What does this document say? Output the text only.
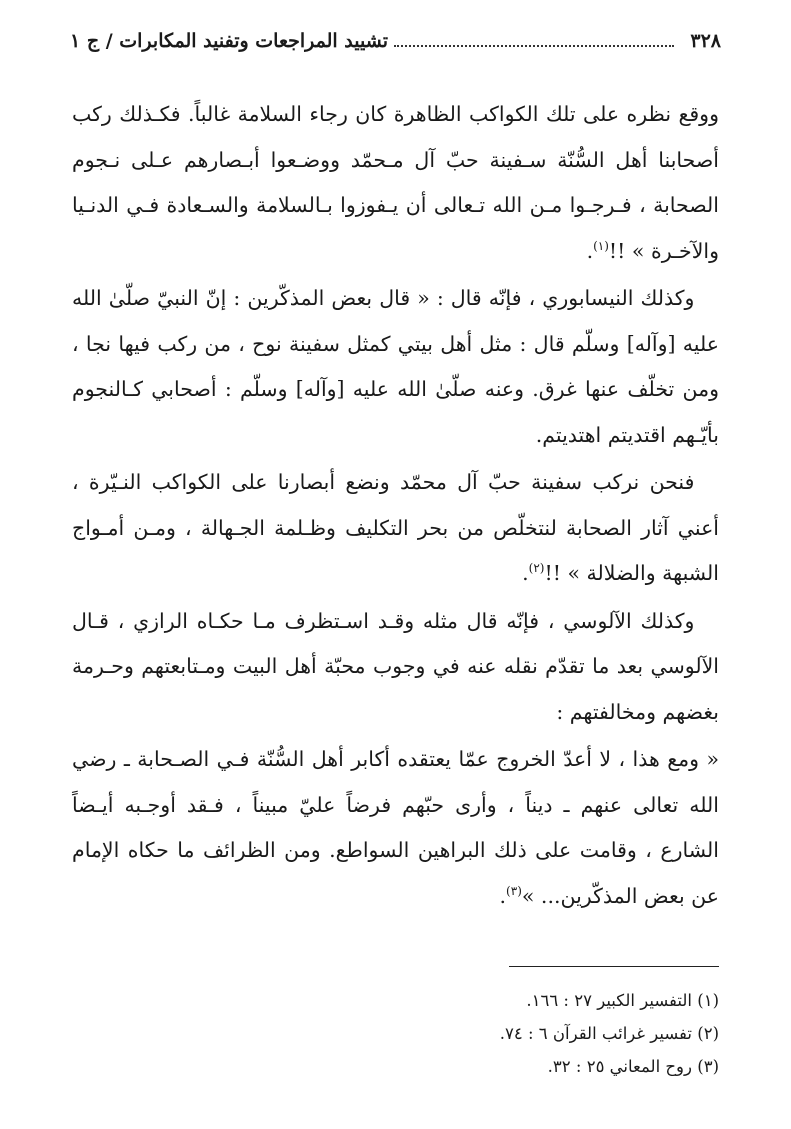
٣٢٨
تشييد المراجعات وتفنيد المكابرات / ج ١

ووقع نظره على تلك الكواكب الظاهرة كان رجاء السلامة غالباً. فكـذلك ركب أصحابنا أهل السُّنّة سـفينة حبّ آل مـحمّد ووضـعوا أبـصارهم عـلى نـجوم الصحابة ، فـرجـوا مـن الله تـعالى أن يـفوزوا بـالسلامة والسـعادة فـي الدنـيا والآخـرة » !!$^{(١)}$.

وكذلك النيسابوري ، فإنّه قال : « قال بعض المذكّرين : إنّ النبيّ صلّىٰ الله عليه [وآله] وسلّم قال : مثل أهل بيتي كمثل سفينة نوح ، من ركب فيها نجا ، ومن تخلّف عنها غرق. وعنه صلّىٰ الله عليه [وآله] وسلّم : أصحابي كـالنجوم بأيّـهم اقتديتم اهتديتم.

فنحن نركب سفينة حبّ آل محمّد ونضع أبصارنا على الكواكب النـيّرة ، أعني آثار الصحابة لنتخلّص من بحر التكليف وظـلمة الجـهالة ، ومـن أمـواج الشبهة والضلالة » !!$^{(٢)}$.

وكذلك الآلوسي ، فإنّه قال مثله وقـد اسـتظرف مـا حكـاه الرازي ، قـال الآلوسي بعد ما تقدّم نقله عنه في وجوب محبّة أهل البيت ومـتابعتهم وحـرمة بغضهم ومخالفتهم :

« ومع هذا ، لا أعدّ الخروج عمّا يعتقده أكابر أهل السُّنّة فـي الصـحابة ـ رضي الله تعالى عنهم ـ ديناً ، وأرى حبّهم فرضاً عليّ مبيناً ، فـقد أوجـبه أيـضاً الشارع ، وقامت على ذلك البراهين السواطع. ومن الظرائف ما حكاه الإمام عن بعض المذكّرين... »$^{(٣)}$.

(١) التفسير الكبير ٢٧ : ١٦٦.
(٢) تفسير غرائب القرآن ٦ : ٧٤.
(٣) روح المعاني ٢٥ : ٣٢.
